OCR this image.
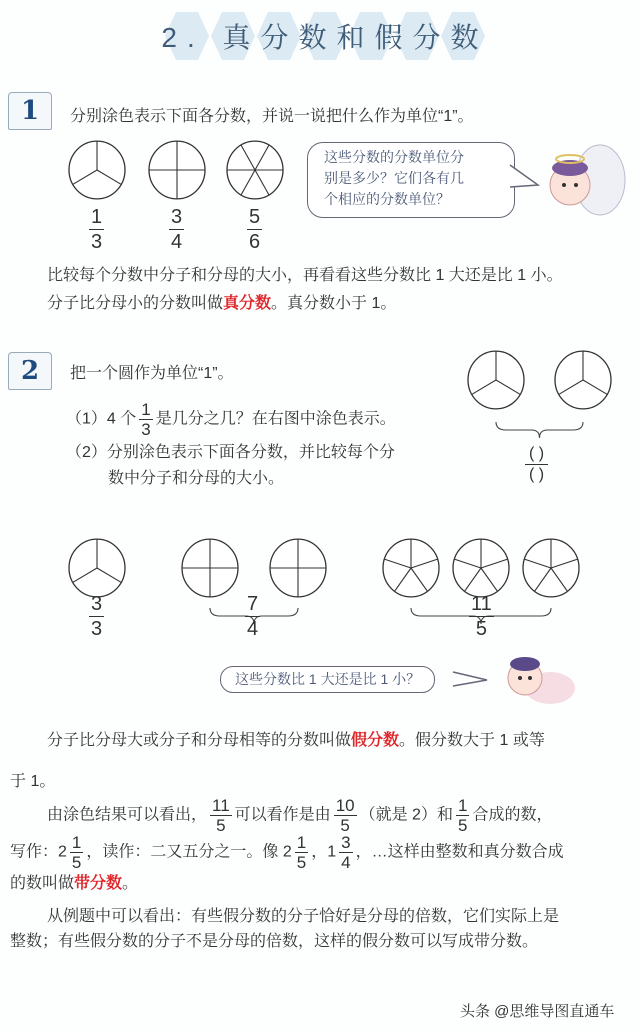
2. 真分数和假分数
1	分别涂色表示下面各分数，并说一说把什么作为单位“1”。
$\frac{1}{3}$	$\frac{3}{4}$	$\frac{5}{6}$
这些分数的分数单位分
别是多少？它们各有几
个相应的分数单位？
比较每个分数中分子和分母的大小，再看看这些分数比 1 大还是比 1 小。
分子比分母小的分数叫做真分数。真分数小于 1。
2	把一个圆作为单位“1”。
（1）4 个 $\frac{1}{3}$ 是几分之几？在右图中涂色表示。
（2）分别涂色表示下面各分数，并比较每个分
数中分子和分母的大小。
( )
( )
$\frac{3}{3}$	$\frac{7}{4}$	$\frac{11}{5}$
这些分数比 1 大还是比 1 小？
分子比分母大或分子和分母相等的分数叫做假分数。假分数大于 1 或等
于 1。
由涂色结果可以看出， $\frac{11}{5}$ 可以看作是由 $\frac{10}{5}$ （就是 2）和 $\frac{1}{5}$ 合成的数，
写作：$2 \frac{1}{5}$ ，读作：二又五分之一。像 $2 \frac{1}{5}$ ，$1 \frac{3}{4}$ ，…这样由整数和真分数合成
的数叫做带分数。
从例题中可以看出：有些假分数的分子恰好是分母的倍数，它们实际上是
整数；有些假分数的分子不是分母的倍数，这样的假分数可以写成带分数。
头条 @思维导图直通车
